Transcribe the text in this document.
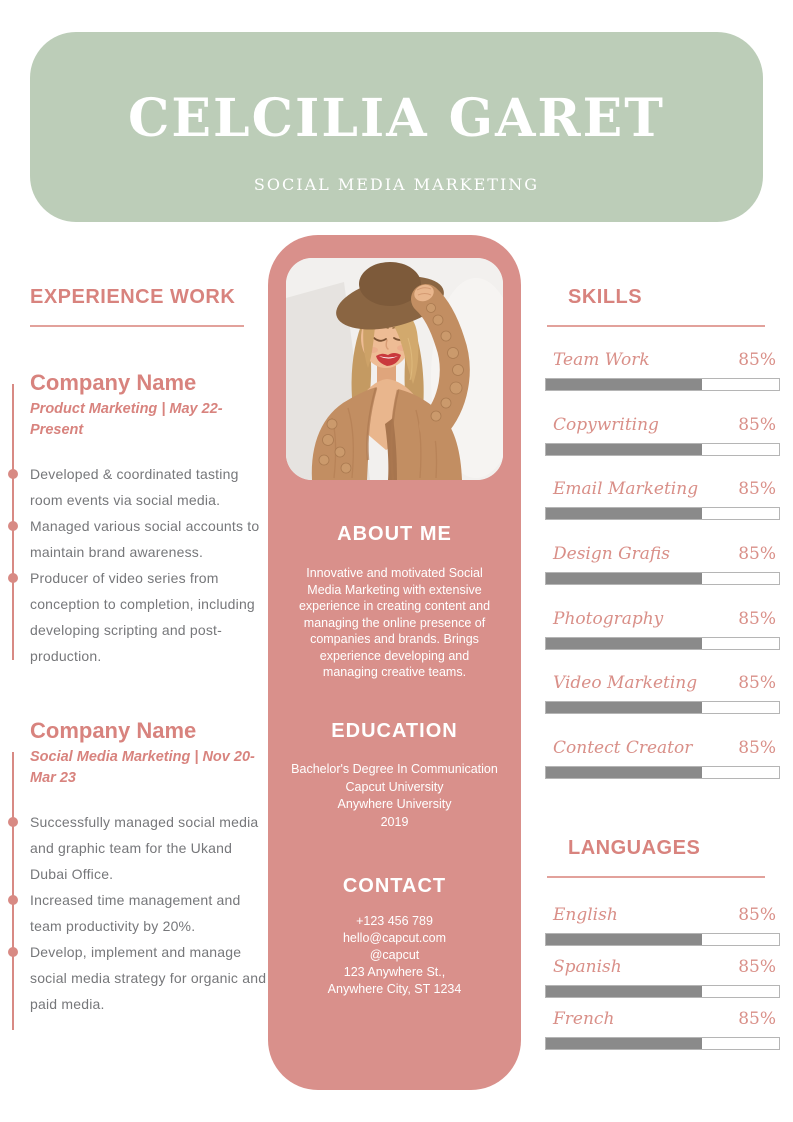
CELCILIA GARET
SOCIAL MEDIA MARKETING
EXPERIENCE WORK
Company Name
Product Marketing | May 22-Present
Developed & coordinated tasting room events via social media.
Managed various social accounts to maintain brand awareness.
Producer of video series from conception to completion, including developing scripting and post-production.
Company Name
Social Media Marketing | Nov 20-Mar 23
Successfully managed social media and graphic team for the Ukand Dubai Office.
Increased time management and team productivity by 20%.
Develop, implement and manage social media strategy for organic and paid media.
ABOUT ME
Innovative and motivated Social Media Marketing with extensive experience in creating content and managing the online presence of companies and brands. Brings experience developing and managing creative teams.
EDUCATION
Bachelor's Degree In Communication
Capcut University
Anywhere University
2019
CONTACT
+123 456 789
hello@capcut.com
@capcut
123 Anywhere St.,
Anywhere City, ST 1234
SKILLS
Team Work	85%
Copywriting	85%
Email Marketing 85%
Design Grafis	85%
Photography	85%
Video Marketing 85%
Contect Creator	85%
LANGUAGES
English	85%
Spanish	85%
French	85%
